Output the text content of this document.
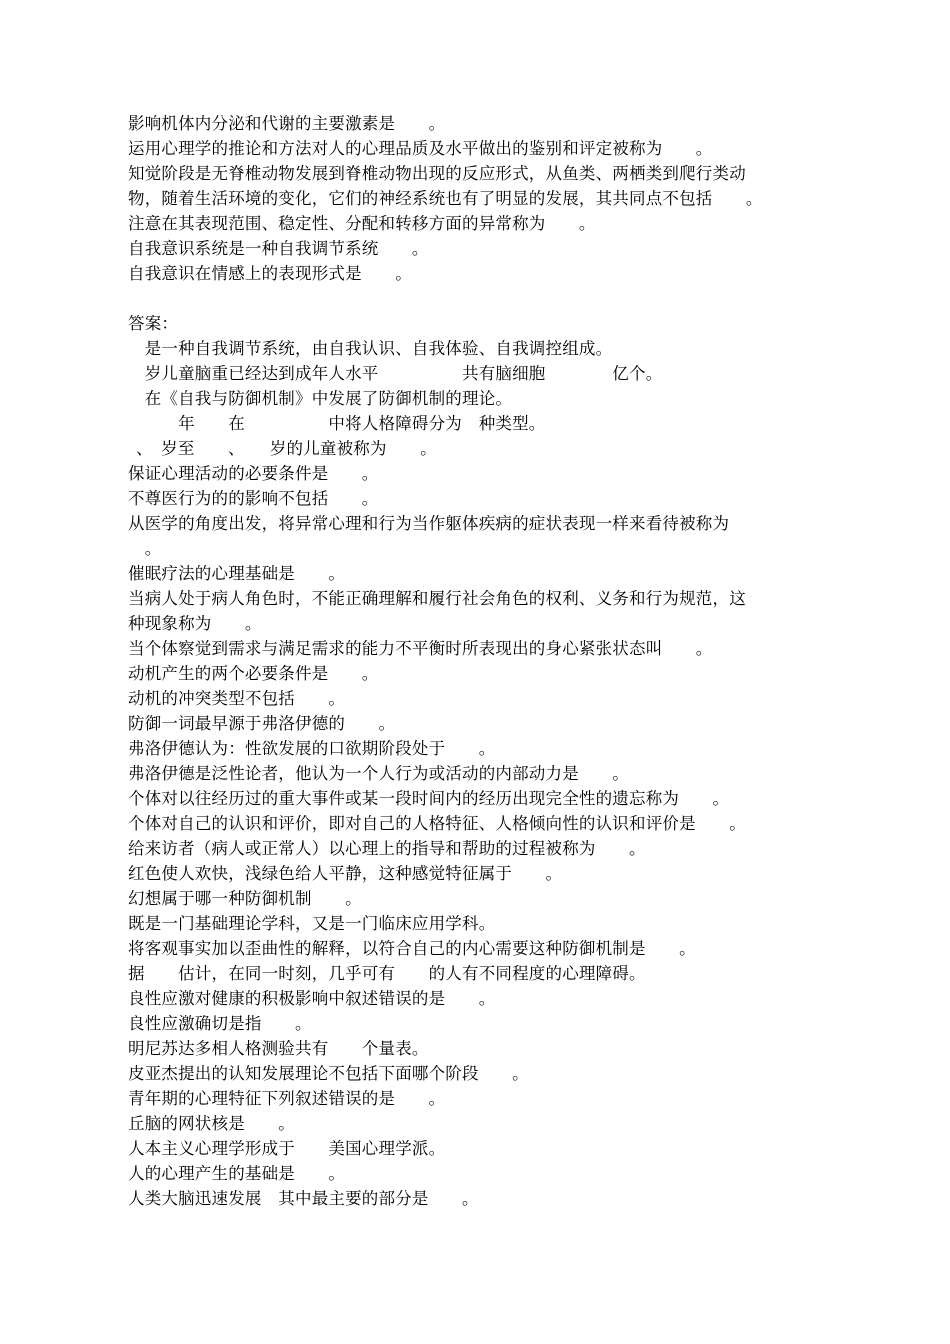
影响机体内分泌和代谢的主要激素是　　。
运用心理学的推论和方法对人的心理品质及水平做出的鉴别和评定被称为　　。
知觉阶段是无脊椎动物发展到脊椎动物出现的反应形式，从鱼类、两栖类到爬行类动
物，随着生活环境的变化，它们的神经系统也有了明显的发展，其共同点不包括　　。
注意在其表现范围、稳定性、分配和转移方面的异常称为　　。
自我意识系统是一种自我调节系统　　。
自我意识在情感上的表现形式是　　。
答案：
　是一种自我调节系统，由自我认识、自我体验、自我调控组成。
　岁儿童脑重已经达到成年人水平　　　　　共有脑细胞　　　　亿个。
　在《自我与防御机制》中发展了防御机制的理论。
　　　年　　在　　　　　中将人格障碍分为　种类型。
、　岁至　　、　　岁的儿童被称为　　。
保证心理活动的必要条件是　　。
不尊医行为的的影响不包括　　。
从医学的角度出发，将异常心理和行为当作躯体疾病的症状表现一样来看待被称为
　。
催眠疗法的心理基础是　　。
当病人处于病人角色时，不能正确理解和履行社会角色的权利、义务和行为规范，这
种现象称为　　。
当个体察觉到需求与满足需求的能力不平衡时所表现出的身心紧张状态叫　　。
动机产生的两个必要条件是　　。
动机的冲突类型不包括　　。
防御一词最早源于弗洛伊德的　　。
弗洛伊德认为：性欲发展的口欲期阶段处于　　。
弗洛伊德是泛性论者，他认为一个人行为或活动的内部动力是　　。
个体对以往经历过的重大事件或某一段时间内的经历出现完全性的遗忘称为　　。
个体对自己的认识和评价，即对自己的人格特征、人格倾向性的认识和评价是　　。
给来访者（病人或正常人）以心理上的指导和帮助的过程被称为　　。
红色使人欢快，浅绿色给人平静，这种感觉特征属于　　。
幻想属于哪一种防御机制　　。
既是一门基础理论学科，又是一门临床应用学科。
将客观事实加以歪曲性的解释，以符合自己的内心需要这种防御机制是　　。
据　　估计，在同一时刻，几乎可有　　的人有不同程度的心理障碍。
良性应激对健康的积极影响中叙述错误的是　　。
良性应激确切是指　　。
明尼苏达多相人格测验共有　　个量表。
皮亚杰提出的认知发展理论不包括下面哪个阶段　　。
青年期的心理特征下列叙述错误的是　　。
丘脑的网状核是　　。
人本主义心理学形成于　　美国心理学派。
人的心理产生的基础是　　。
人类大脑迅速发展　其中最主要的部分是　　。
